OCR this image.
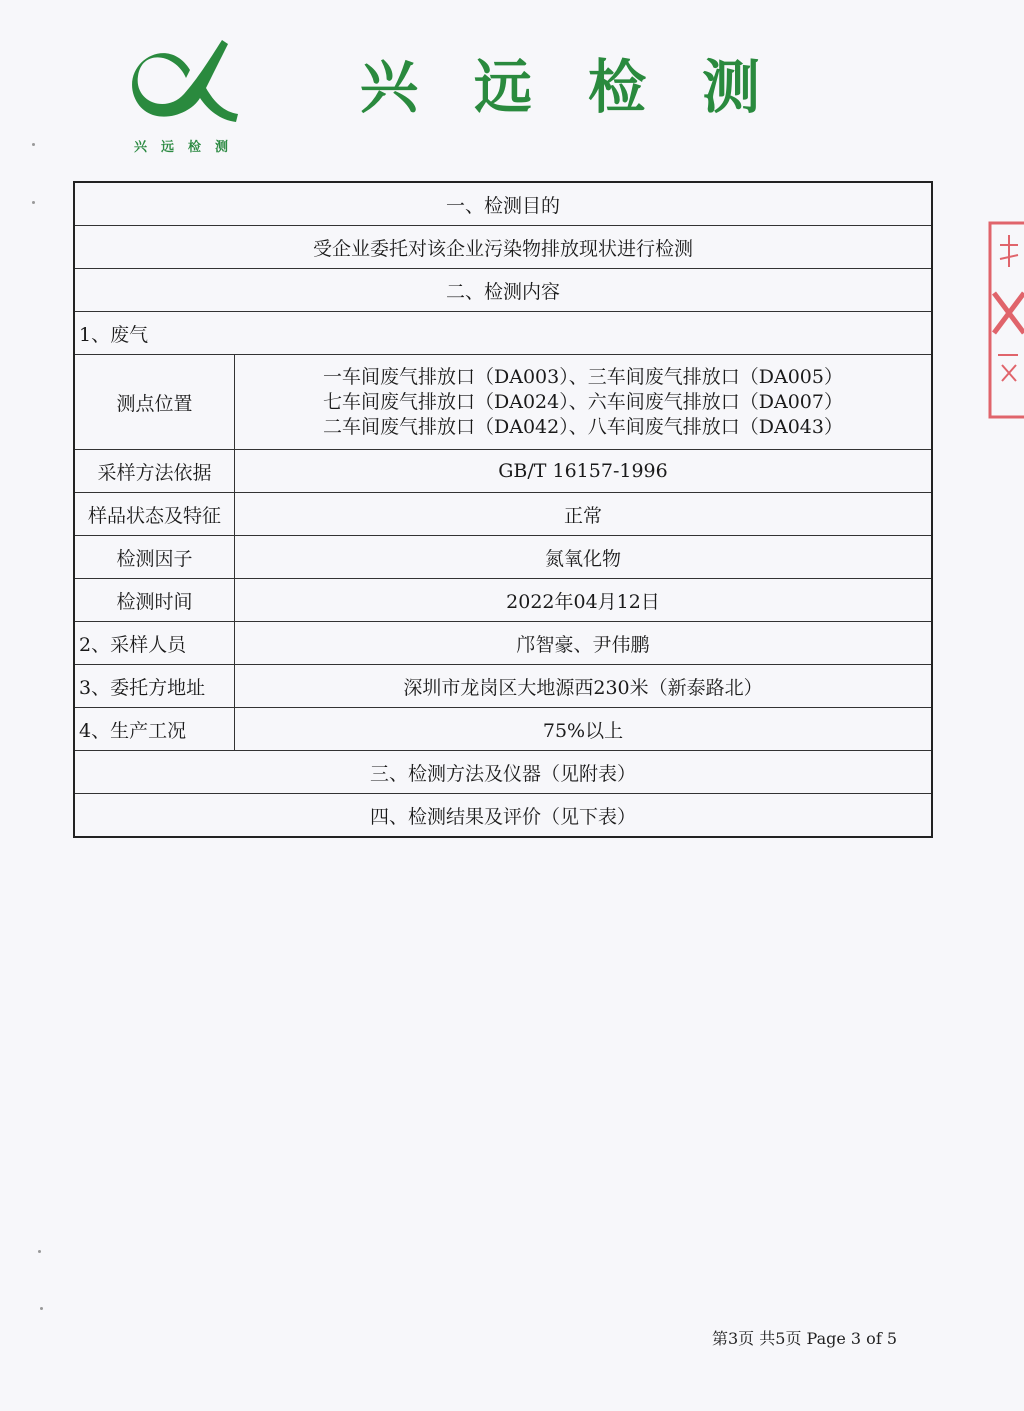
兴远检测
兴远检测
一、检测目的	
受企业委托对该企业污染物排放现状进行检测	
二、检测内容	
1、废气	
测点位置	一车间废气排放口（DA003）、三车间废气排放口（DA005）
七车间废气排放口（DA024）、六车间废气排放口（DA007）
二车间废气排放口（DA042）、八车间废气排放口（DA043）

采样方法依据	GB/T 16157-1996
样品状态及特征	正常
检测因子	氮氧化物
检测时间	2022年04月12日
2、采样人员	邝智豪、尹伟鹏
3、委托方地址	深圳市龙岗区大地源西230米（新泰路北）
4、生产工况	75%以上
三、检测方法及仪器（见附表）	
四、检测结果及评价（见下表）	
第3页 共5页 Page 3 of 5
